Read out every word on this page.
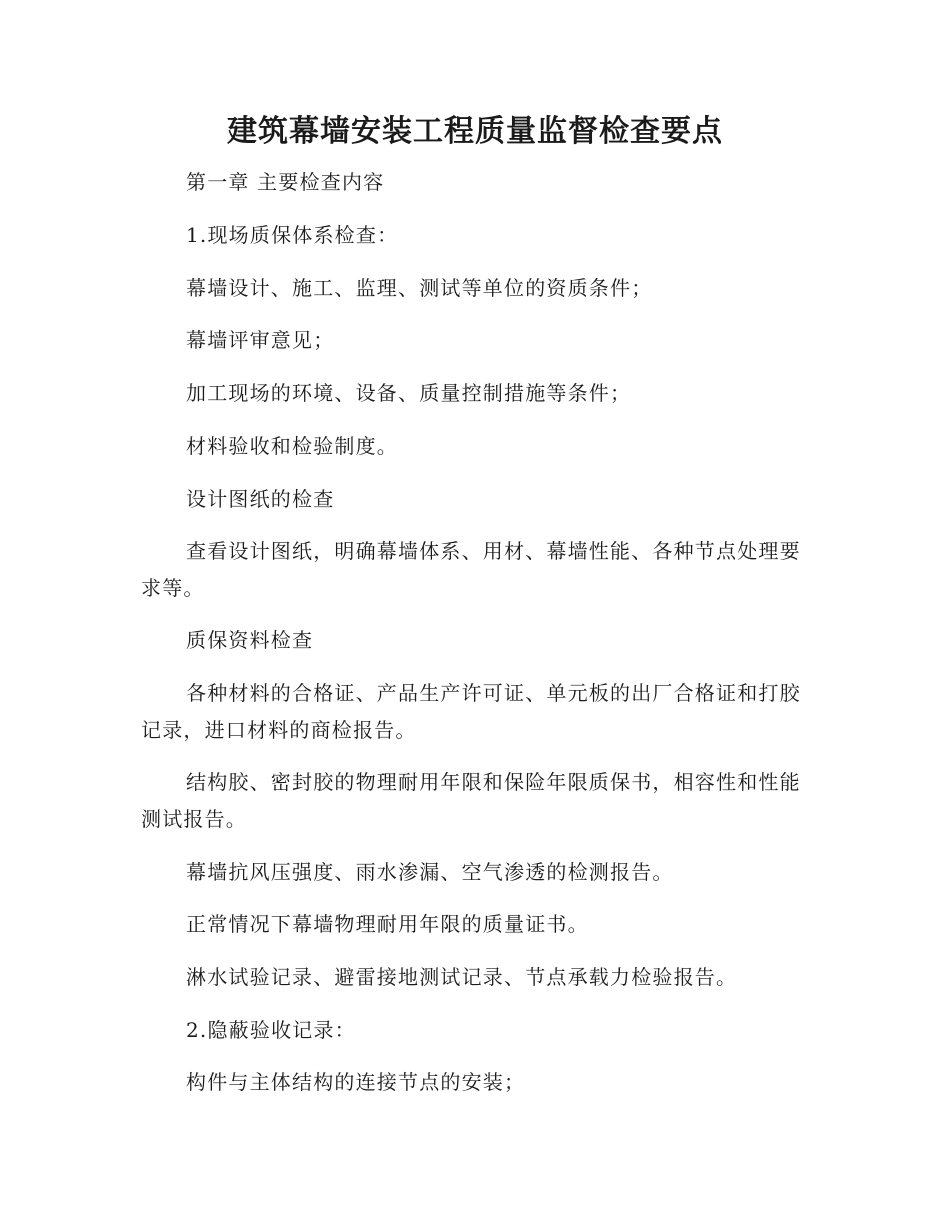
建筑幕墙安装工程质量监督检查要点
第一章 主要检查内容
1.现场质保体系检查：
幕墙设计、施工、监理、测试等单位的资质条件；
幕墙评审意见；
加工现场的环境、设备、质量控制措施等条件；
材料验收和检验制度。
设计图纸的检查
查看设计图纸，明确幕墙体系、用材、幕墙性能、各种节点处理要求等。
质保资料检查
各种材料的合格证、产品生产许可证、单元板的出厂合格证和打胶记录，进口材料的商检报告。
结构胶、密封胶的物理耐用年限和保险年限质保书，相容性和性能测试报告。
幕墙抗风压强度、雨水渗漏、空气渗透的检测报告。
正常情况下幕墙物理耐用年限的质量证书。
淋水试验记录、避雷接地测试记录、节点承载力检验报告。
2.隐蔽验收记录：
构件与主体结构的连接节点的安装；
